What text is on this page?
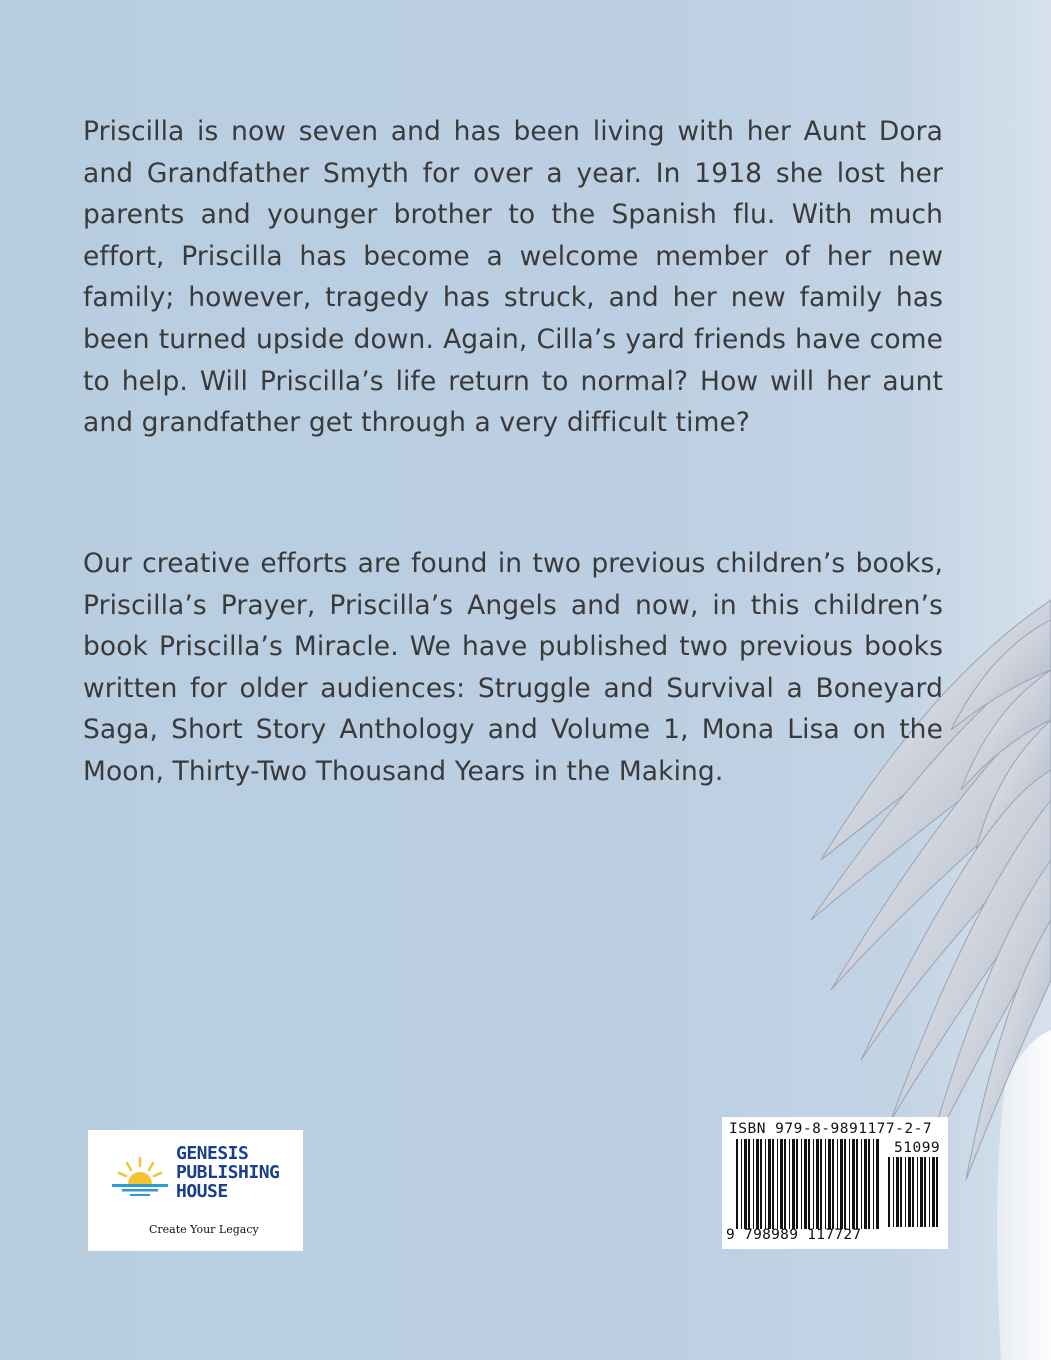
Priscilla is now seven and has been living with her Aunt Dora and Grandfather Smyth for over a year. In 1918 she lost her parents and younger brother to the Spanish flu. With much effort, Priscilla has become a welcome member of her new family; however, tragedy has struck, and her new family has been turned upside down. Again, Cilla’s yard friends have come to help. Will Priscilla’s life return to normal? How will her aunt and grandfather get through a very difficult time?

Our creative efforts are found in two previous children’s books, Priscilla’s Prayer, Priscilla’s Angels and now, in this children’s book Priscilla’s Miracle. We have published two previous books written for older audiences: Struggle and Survival a Boneyard Saga, Short Story Anthology and Volume 1, Mona Lisa on the Moon, Thirty-Two Thousand Years in the Making.

GENESIS
PUBLISHING
HOUSE
Create Your Legacy
ISBN 979-8-9891177-2-7
51099
9 798989 117727
